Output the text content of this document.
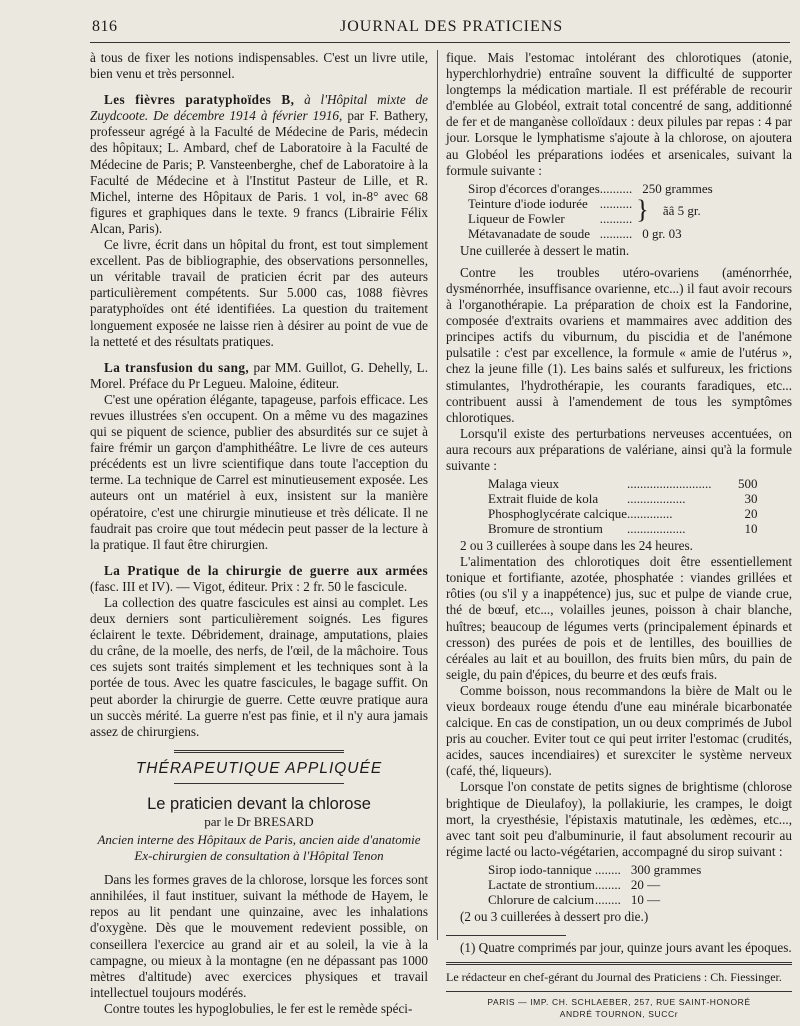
816	JOURNAL DES PRATICIENS

à tous de fixer les notions indispensables. C'est un livre utile, bien venu et très personnel.

Les fièvres paratyphoïdes B, à l'Hôpital mixte de Zuydcoote. De décembre 1914 à février 1916, par F. Bathery, professeur agrégé à la Faculté de Médecine de Paris, médecin des hôpitaux; L. Ambard, chef de Laboratoire à la Faculté de Médecine de Paris; P. Vansteenberghe, chef de Laboratoire à la Faculté de Médecine et à l'Institut Pasteur de Lille, et R. Michel, interne des Hôpitaux de Paris. 1 vol, in-8° avec 68 figures et graphiques dans le texte. 9 francs (Librairie Félix Alcan, Paris).

Ce livre, écrit dans un hôpital du front, est tout simplement excellent. Pas de bibliographie, des observations personnelles, un véritable travail de praticien écrit par des auteurs particulièrement compétents. Sur 5.000 cas, 1088 fièvres paratyphoïdes ont été identifiées. La question du traitement longuement exposée ne laisse rien à désirer au point de vue de la netteté et des résultats pratiques.

La transfusion du sang, par MM. Guillot, G. Dehelly, L. Morel. Préface du Pr Legueu. Maloine, éditeur.

C'est une opération élégante, tapageuse, parfois efficace. Les revues illustrées s'en occupent. On a même vu des magazines qui se piquent de science, publier des absurdités sur ce sujet à faire frémir un garçon d'amphithéâtre. Le livre de ces auteurs précédents est un livre scientifique dans toute l'acception du terme. La technique de Carrel est minutieusement exposée. Les auteurs ont un matériel à eux, insistent sur la manière opératoire, c'est une chirurgie minutieuse et très délicate. Il ne faudrait pas croire que tout médecin peut passer de la lecture à la pratique. Il faut être chirurgien.

La Pratique de la chirurgie de guerre aux armées (fasc. III et IV). — Vigot, éditeur. Prix : 2 fr. 50 le fascicule.

La collection des quatre fascicules est ainsi au complet. Les deux derniers sont particulièrement soignés. Les figures éclairent le texte. Débridement, drainage, amputations, plaies du crâne, de la moelle, des nerfs, de l'œil, de la mâchoire. Tous ces sujets sont traités simplement et les techniques sont à la portée de tous. Avec les quatre fascicules, le bagage suffit. On peut aborder la chirurgie de guerre. Cette œuvre pratique aura un succès mérité. La guerre n'est pas finie, et il n'y aura jamais assez de chirurgiens.

THÉRAPEUTIQUE APPLIQUÉE
Le praticien devant la chlorose
par le Dr BRESARD
Ancien interne des Hôpitaux de Paris, ancien aide d'anatomie
Ex-chirurgien de consultation à l'Hôpital Tenon

Dans les formes graves de la chlorose, lorsque les forces sont annihilées, il faut instituer, suivant la méthode de Hayem, le repos au lit pendant une quinzaine, avec les inhalations d'oxygène. Dès que le mouvement redevient possible, on conseillera l'exercice au grand air et au soleil, la vie à la campagne, ou mieux à la montagne (en ne dépassant pas 1000 mètres d'altitude) avec exercices physiques et travail intellectuel toujours modérés.

Contre toutes les hypoglobulies, le fer est le remède spéci-

fique. Mais l'estomac intolérant des chlorotiques (atonie, hyperchlorhydrie) entraîne souvent la difficulté de supporter longtemps la médication martiale. Il est préférable de recourir d'emblée au Globéol, extrait total concentré de sang, additionné de fer et de manganèse colloïdaux : deux pilules par repas : 4 par jour. Lorsque le lymphatisme s'ajoute à la chlorose, on ajoutera au Globéol les préparations iodées et arsenicales, suivant la formule suivante :

Sirop d'écorces d'oranges	..........	250 grammes	
Teinture d'iode iodurée	..........	}	ãâ 5 gr.
Liqueur de Fowler	..........		
Métavanadate de soude	..........	0 gr. 03	

Une cuillerée à dessert le matin.

Contre les troubles utéro-ovariens (aménorrhée, dysménorrhée, insuffisance ovarienne, etc...) il faut avoir recours à l'organothérapie. La préparation de choix est la Fandorine, composée d'extraits ovariens et mammaires avec addition des principes actifs du viburnum, du piscidia et de l'anémone pulsatile : c'est par excellence, la formule « amie de l'utérus », chez la jeune fille (1). Les bains salés et sulfureux, les frictions stimulantes, l'hydrothérapie, les courants faradiques, etc... contribuent aussi à l'amendement de tous les symptômes chlorotiques.

Lorsqu'il existe des perturbations nerveuses accentuées, on aura recours aux préparations de valériane, ainsi qu'à la formule suivante :

Malaga vieux	..........................	500
Extrait fluide de kola	..................	30
Phosphoglycérate calcique	..............	20
Bromure de strontium	..................	10

2 ou 3 cuillerées à soupe dans les 24 heures.

L'alimentation des chlorotiques doit être essentiellement tonique et fortifiante, azotée, phosphatée : viandes grillées et rôties (ou s'il y a inappétence) jus, suc et pulpe de viande crue, thé de bœuf, etc..., volailles jeunes, poisson à chair blanche, huîtres; beaucoup de légumes verts (principalement épinards et cresson) des purées de pois et de lentilles, des bouillies de céréales au lait et au bouillon, des fruits bien mûrs, du pain de seigle, du pain d'épices, du beurre et des œufs frais.

Comme boisson, nous recommandons la bière de Malt ou le vieux bordeaux rouge étendu d'une eau minérale bicarbonatée calcique. En cas de constipation, un ou deux comprimés de Jubol pris au coucher. Eviter tout ce qui peut irriter l'estomac (crudités, acides, sauces incendiaires) et surexciter le système nerveux (café, thé, liqueurs).

Lorsque l'on constate de petits signes de brightisme (chlorose brightique de Dieulafoy), la pollakiurie, les crampes, le doigt mort, la cryesthésie, l'épistaxis matutinale, les œdèmes, etc..., avec tant soit peu d'albuminurie, il faut absolument recourir au régime lacté ou lacto-végétarien, accompagné du sirop suivant :

Sirop iodo-tannique	........	300 grammes
Lactate de strontium	........	20 —
Chlorure de calcium	........	10 —

(2 ou 3 cuillerées à dessert pro die.)

(1) Quatre comprimés par jour, quinze jours avant les époques.

Le rédacteur en chef-gérant du Journal des Praticiens : Ch. Fiessinger.

PARIS — IMP. CH. SCHLAEBER, 257, RUE SAINT-HONORÉ
ANDRÉ TOURNON, SUCCr
